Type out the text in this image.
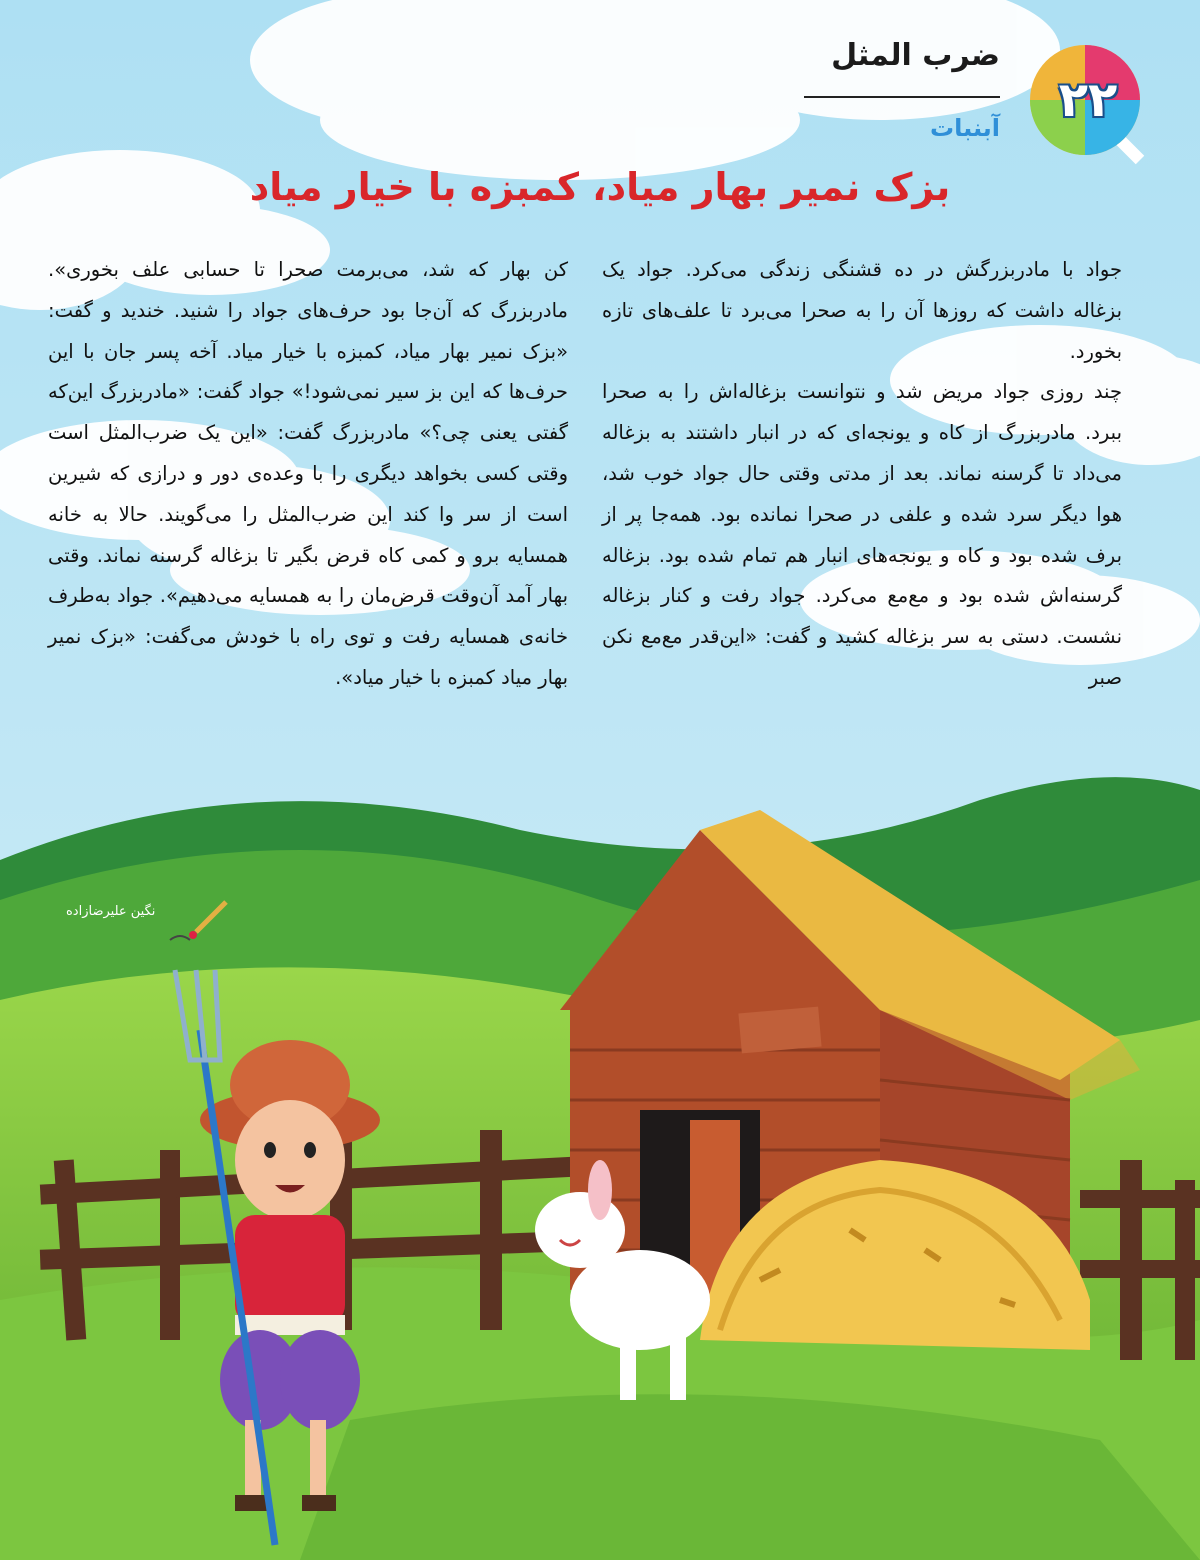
ضرب المثل
۲۲
آبنبات
بزک نمیر بهار میاد، کمبزه با خیار میاد

جواد با مادربزرگش در ده قشنگی زندگی می‌کرد. جواد یک بزغاله داشت که روزها آن را به صحرا می‌برد تا علف‌های تازه بخورد.

چند روزی جواد مریض شد و نتوانست بزغاله‌اش را به صحرا ببرد. مادربزرگ از کاه و یونجه‌ای که در انبار داشتند به بزغاله می‌داد تا گرسنه نماند. بعد از مدتی وقتی حال جواد خوب شد، هوا دیگر سرد شده و علفی در صحرا نمانده بود. همه‌جا پر از برف شده بود و کاه و یونجه‌های انبار هم تمام شده بود. بزغاله گرسنه‌اش شده بود و مع‌مع می‌کرد. جواد رفت و کنار بزغاله نشست. دستی به سر بزغاله کشید و گفت: «این‌قدر مع‌مع نکن صبر

کن بهار که شد، می‌برمت صحرا تا حسابی علف بخوری». مادربزرگ که آن‌جا بود حرف‌های جواد را شنید. خندید و گفت: «بزک نمیر بهار میاد، کمبزه با خیار میاد. آخه پسر جان با این حرف‌ها که این بز سیر نمی‌شود!» جواد گفت: «مادربزرگ این‌که گفتی یعنی چی؟» مادربزرگ گفت: «این یک ضرب‌المثل است وقتی کسی بخواهد دیگری را با وعده‌ی دور و درازی که شیرین است از سر وا کند این ضرب‌المثل را می‌گویند. حالا به خانه همسایه برو و کمی کاه قرض بگیر تا بزغاله گرسنه نماند. وقتی بهار آمد آن‌وقت قرض‌مان را به همسایه می‌دهیم». جواد به‌طرف خانه‌ی همسایه رفت و توی راه با خودش می‌گفت: «بزک نمیر بهار میاد کمبزه با خیار میاد».

نگین علیرضازاده
